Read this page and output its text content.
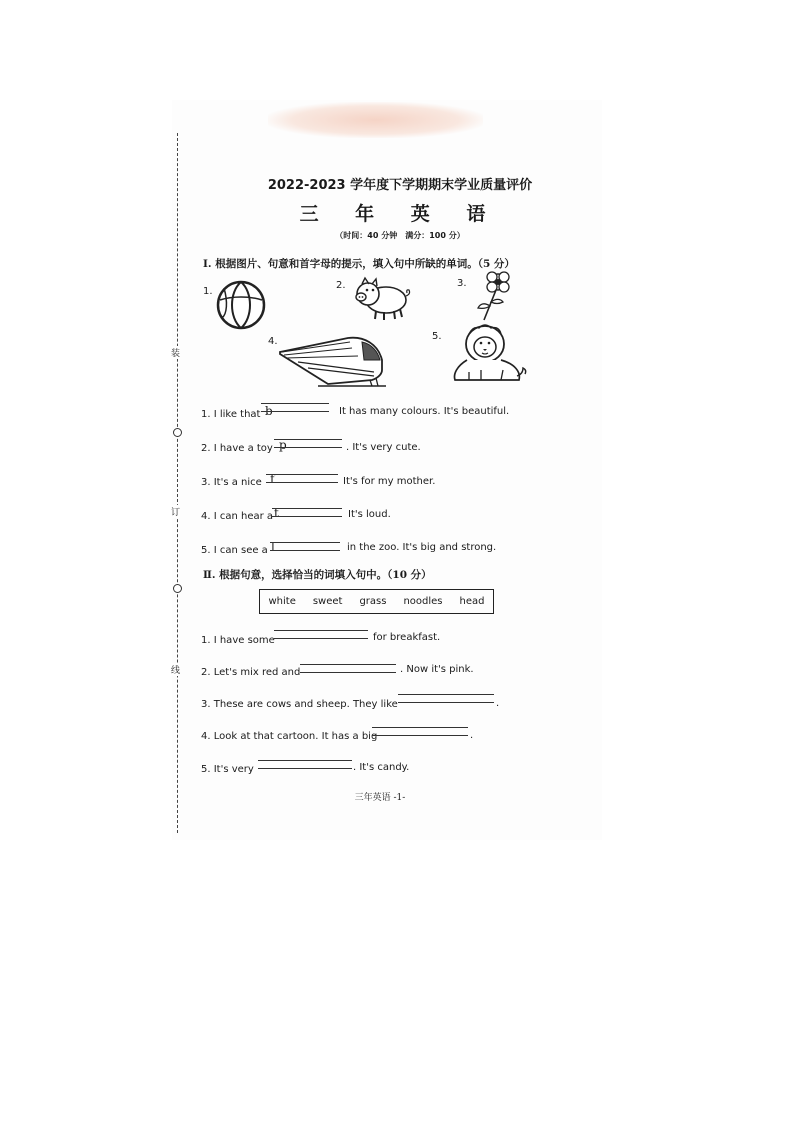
装
订
线
2022-2023 学年度下学期期末学业质量评价
三 年 英 语
（时间：40 分钟　满分：100 分）
Ⅰ. 根据图片、句意和首字母的提示，填入句中所缺的单词。（5 分）
1.
2.	3.
4.	5.
1. I like that b	It has many colours. It's beautiful.
2. I have a toy p	. It's very cute.
3. It's a nice f	It's for my mother.
4. I can hear a t	It's loud.
5. I can see a l	in the zoo. It's big and strong.
Ⅱ. 根据句意，选择恰当的词填入句中。（10 分）
white sweet grass noodles head
1. I have some	for breakfast.
2. Let's mix red and	. Now it's pink.
3. These are cows and sheep. They like	.
4. Look at that cartoon. It has a big	.
5. It's very	. It's candy.
三年英语 -1-
